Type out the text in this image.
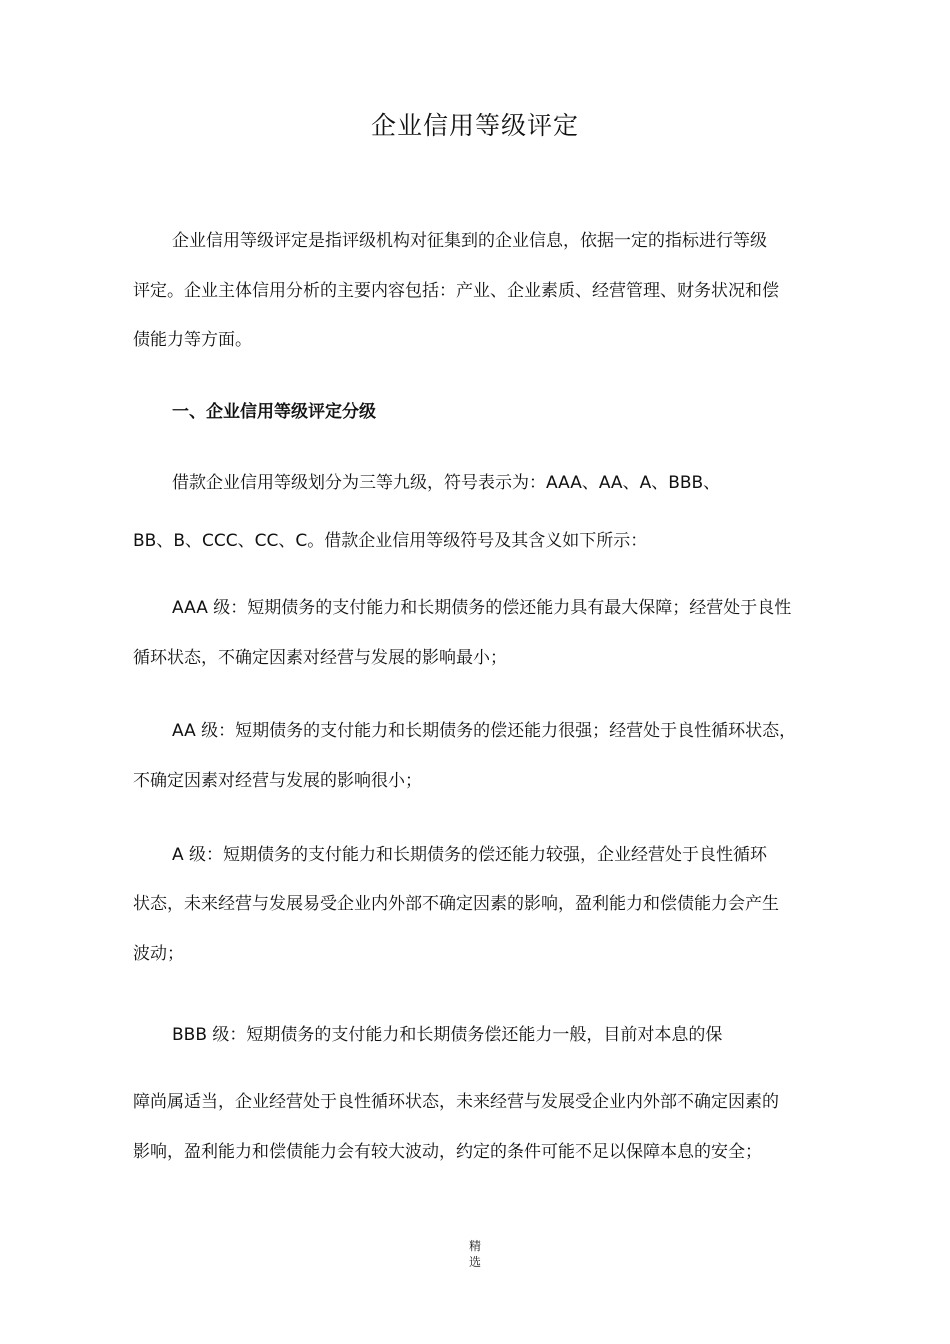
企业信用等级评定

企业信用等级评定是指评级机构对征集到的企业信息，依据一定的指标进行等级

评定。企业主体信用分析的主要内容包括：产业、企业素质、经营管理、财务状况和偿

债能力等方面。

一、企业信用等级评定分级

借款企业信用等级划分为三等九级，符号表示为：AAA、AA、A、BBB、

BB、B、CCC、CC、C。借款企业信用等级符号及其含义如下所示：

AAA 级：短期债务的支付能力和长期债务的偿还能力具有最大保障；经营处于良性

循环状态，不确定因素对经营与发展的影响最小；

AA 级：短期债务的支付能力和长期债务的偿还能力很强；经营处于良性循环状态，

不确定因素对经营与发展的影响很小；

A 级：短期债务的支付能力和长期债务的偿还能力较强，企业经营处于良性循环

状态，未来经营与发展易受企业内外部不确定因素的影响，盈利能力和偿债能力会产生

波动；

BBB 级：短期债务的支付能力和长期债务偿还能力一般，目前对本息的保

障尚属适当，企业经营处于良性循环状态，未来经营与发展受企业内外部不确定因素的

影响，盈利能力和偿债能力会有较大波动，约定的条件可能不足以保障本息的安全；

精
选
